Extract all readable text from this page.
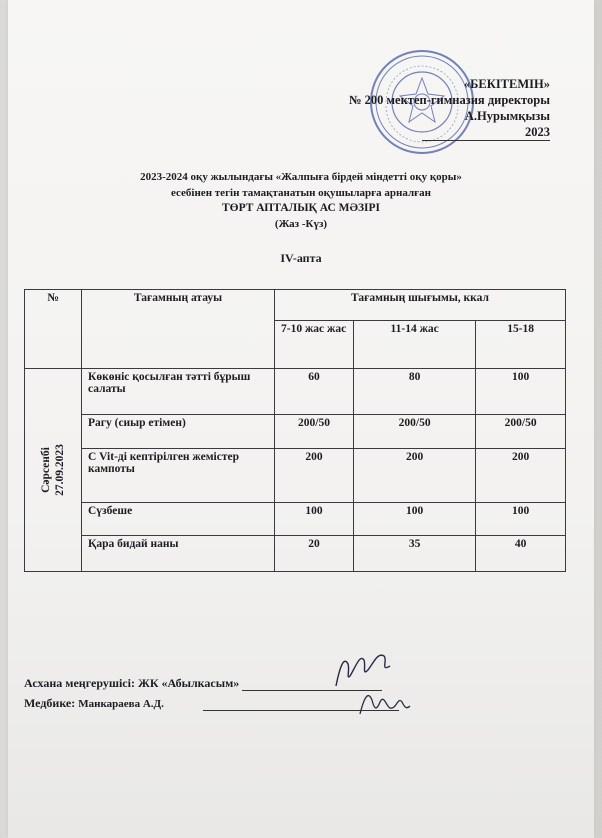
«БЕКІТЕМІН»
№ 200 мектеп-гимназия директоры
А.Нурымқызы
2023
2023-2024 оқу жылындағы «Жалпыға бірдей міндетті оқу қоры»
есебінен тегін тамақтанатын оқушыларға арналған
ТӨРТ АПТАЛЫҚ АС МӘЗІРІ
(Жаз -Күз)
IV-апта
№	Тағамның атауы	Тағамның шығымы, ккал		
		7-10 жас жас	11-14 жас	15-18

Сәрсенбі 27.09.2023	Көкөніс қосылған тәтті бұрыш салаты	60	80	100
	Рагу (сиыр етімен)	200/50	200/50	200/50
	С Vit-ді кептірілген жемістер кампоты	200	200	200
	Сүзбеше	100	100	100
	Қара бидай наны	20	35	40
Асхана меңгерушісі: ЖК «Абылкасым»
Медбике: Манкараева А.Д.
